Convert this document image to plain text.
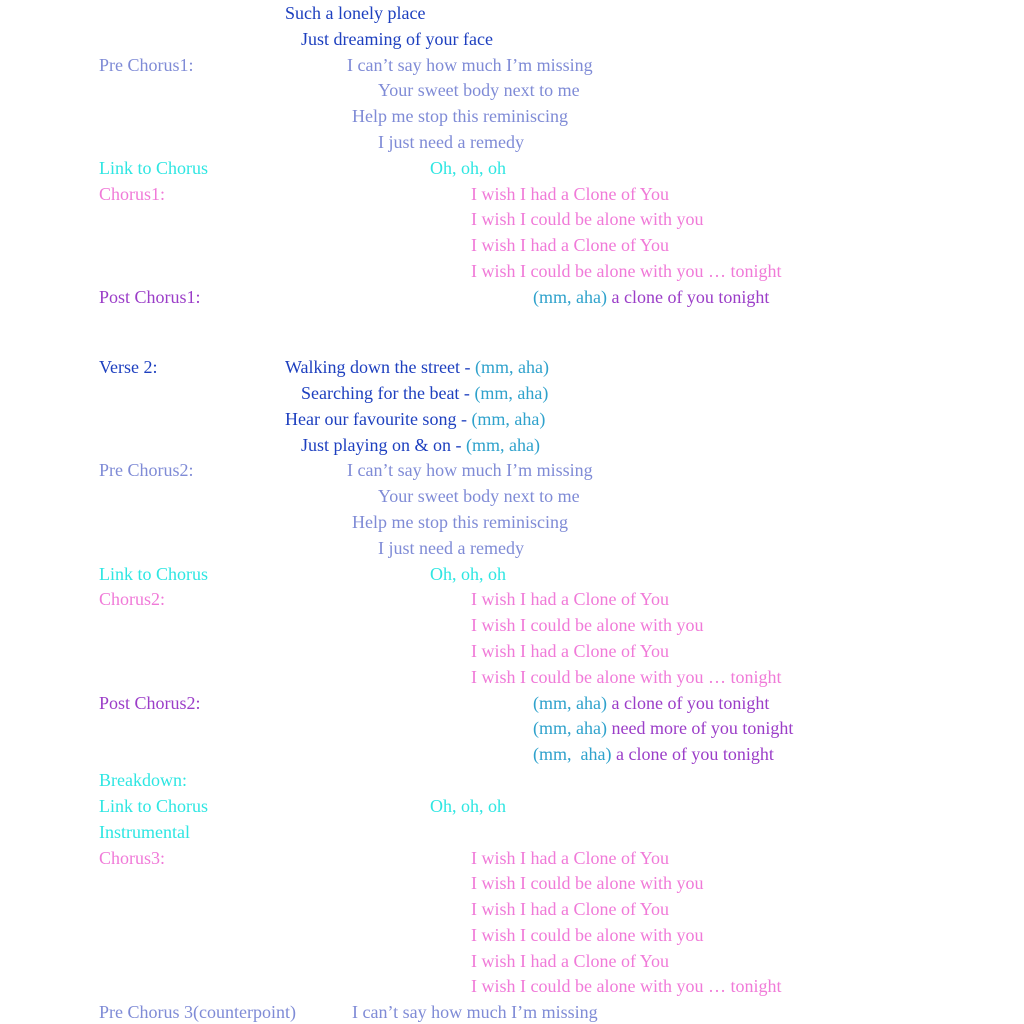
Such a lonely place
Just dreaming of your face
Pre Chorus1:	I can’t say how much I’m missing
Your sweet body next to me
Help me stop this reminiscing
I just need a remedy
Link to Chorus	Oh, oh, oh
Chorus1:	I wish I had a Clone of You
I wish I could be alone with you
I wish I had a Clone of You
I wish I could be alone with you … tonight
Post Chorus1:	(mm, aha) a clone of you tonight
Verse 2:	Walking down the street - (mm, aha)
Searching for the beat - (mm, aha)
Hear our favourite song - (mm, aha)
Just playing on & on - (mm, aha)
Pre Chorus2:	I can’t say how much I’m missing
Your sweet body next to me
Help me stop this reminiscing
I just need a remedy
Link to Chorus	Oh, oh, oh
Chorus2:	I wish I had a Clone of You
I wish I could be alone with you
I wish I had a Clone of You
I wish I could be alone with you … tonight
Post Chorus2:	(mm, aha) a clone of you tonight
(mm, aha) need more of you tonight
(mm,  aha) a clone of you tonight
Breakdown:
Link to Chorus	Oh, oh, oh
Instrumental
Chorus3:	I wish I had a Clone of You
I wish I could be alone with you
I wish I had a Clone of You
I wish I could be alone with you
I wish I had a Clone of You
I wish I could be alone with you … tonight
Pre Chorus 3(counterpoint)	I can’t say how much I’m missing
